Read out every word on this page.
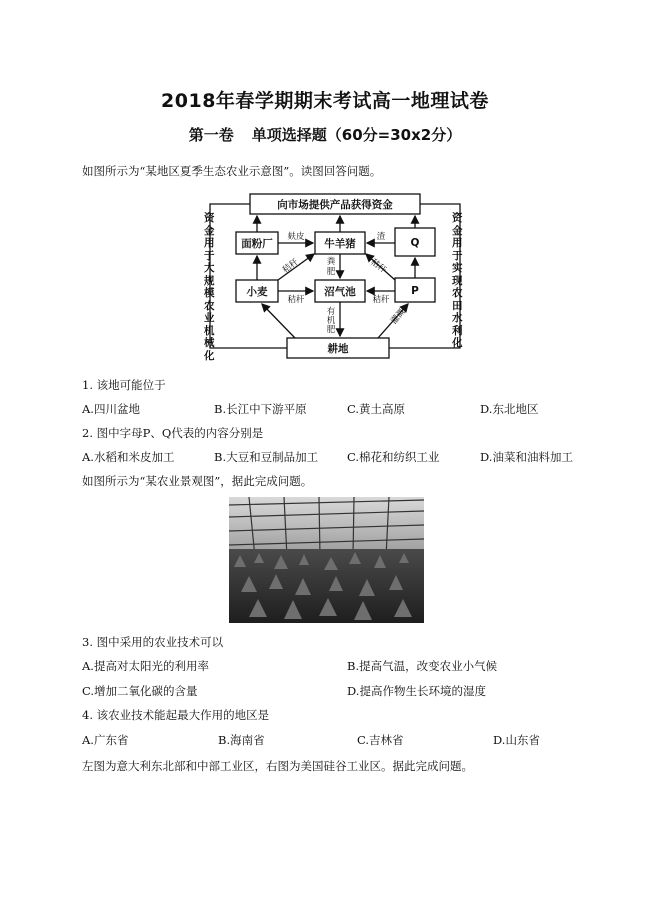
2018年春学期期末考试高一地理试卷
第一卷 单项选择题（60分=30x2分）
如图所示为“某地区夏季生态农业示意图”。读图回答问题。
向市场提供产品获得资金
面粉厂	牛羊猪	Q
小麦	沼气池	P
耕地
麸皮	渣
秸秆	秸秆
粪
肥
秸秆	秸秆
有
机
肥
灌溉
资金用于大规模农业机械化
资金用于实现农田水利化
1. 该地可能位于
A.四川盆地	B.长江中下游平原	C.黄土高原	D.东北地区
2. 图中字母P、Q代表的内容分别是
A.水稻和米皮加工	B.大豆和豆制品加工	C.棉花和纺织工业	D.油菜和油料加工
如图所示为“某农业景观图”，据此完成问题。
3. 图中采用的农业技术可以
A.提高对太阳光的利用率	B.提高气温，改变农业小气候
C.增加二氧化碳的含量	D.提高作物生长环境的湿度
4. 该农业技术能起最大作用的地区是
A.广东省	B.海南省	C.吉林省	D.山东省
左图为意大利东北部和中部工业区，右图为美国硅谷工业区。据此完成问题。
